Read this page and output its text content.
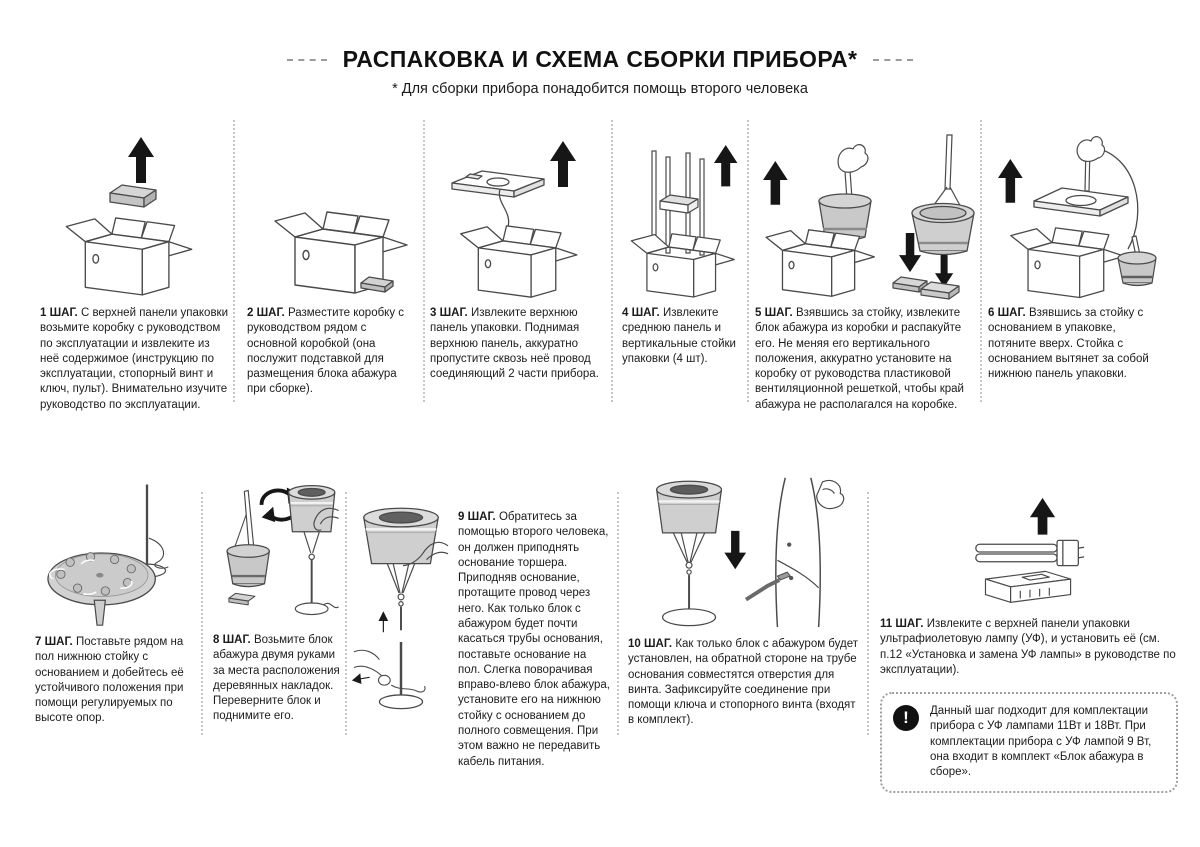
РАСПАКОВКА И СХЕМА СБОРКИ ПРИБОРА*
* Для сборки прибора понадобится помощь второго человека

1 ШАГ. С верхней панели упаковки возьмите коробку с руководством по эксплуатации и извлеките из неё содержимое (инструкцию по эксплуатации, стопорный винт и ключ, пульт). Внимательно изучите руководство по эксплуатации.

2 ШАГ. Разместите коробку с руководством рядом с основной коробкой (она послужит подставкой для размещения блока абажура при сборке).

3 ШАГ. Извлеките верхнюю панель упаковки. Поднимая верхнюю панель, аккуратно пропустите сквозь неё провод соединяющий 2 части прибора.

4 ШАГ. Извлеките среднюю панель и вертикальные стойки упаковки (4 шт).

5 ШАГ. Взявшись за стойку, извлеките блок абажура из коробки и распакуйте его. Не меняя его вертикального положения, аккуратно установите на коробку от руководства пластиковой вентиляционной решеткой, чтобы край абажура не располагался на коробке.

6 ШАГ. Взявшись за стойку с основанием в упаковке, потяните вверх. Стойка с основанием вытянет за собой нижнюю панель упаковки.

7 ШАГ. Поставьте рядом на пол нижнюю стойку с основанием и добейтесь её устойчивого положения при помощи регулируемых по высоте опор.

8 ШАГ. Возьмите блок абажура двумя руками за места расположения деревянных накладок. Переверните блок и поднимите его.

9 ШАГ. Обратитесь за помощью второго человека, он должен приподнять основание торшера. Приподняв основание, протащите провод через него. Как только блок с абажуром будет почти касаться трубы основания, поставьте основание на пол. Слегка поворачивая вправо-влево блок абажура, установите его на нижнюю стойку с основанием до полного совмещения. При этом важно не передавить кабель питания.

10 ШАГ. Как только блок с абажуром будет установлен, на обратной стороне на трубе основания совместятся отверстия для винта. Зафиксируйте соединение при помощи ключа и стопорного винта (входят в комплект).

11 ШАГ. Извлеките с верхней панели упаковки ультрафиолетовую лампу (УФ), и установить её (см. п.12 «Установка и замена УФ лампы» в руководстве по эксплуатации).

!	Данный шаг подходит для комплектации прибора с УФ лампами 11Вт и 18Вт. При комплектации прибора с УФ лампой 9 Вт, она входит в комплект «Блок абажура в сборе».
